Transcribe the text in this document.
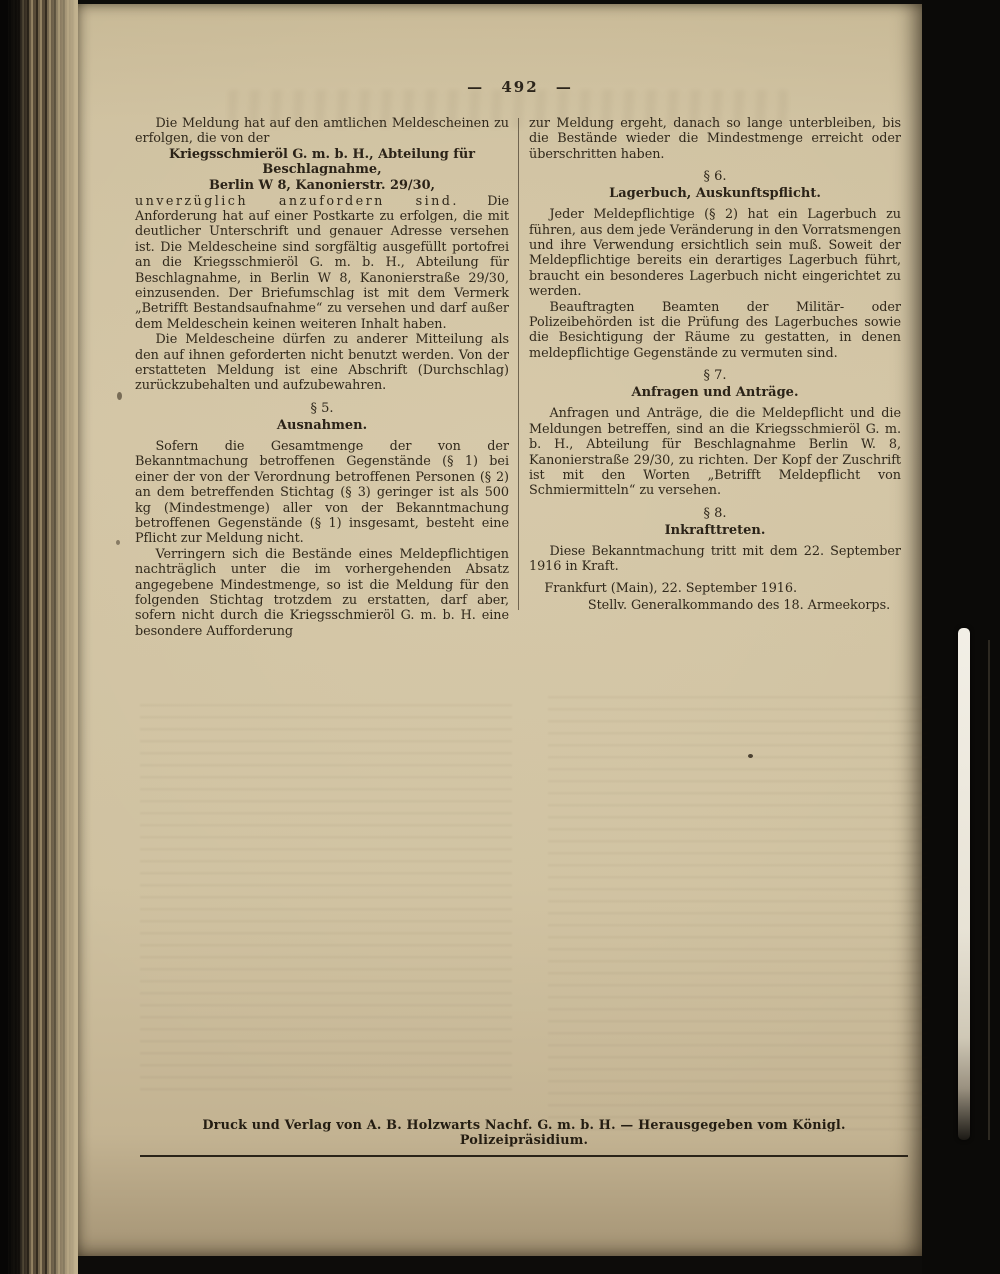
— 492 —

Die Meldung hat auf den amtlichen Meldescheinen zu erfolgen, die von der

Kriegsschmieröl G. m. b. H., Abteilung für Beschlagnahme,
Berlin W 8, Kanonierstr. 29/30,

unverzüglich anzufordern sind. Die Anforderung hat auf einer Postkarte zu erfolgen, die mit deutlicher Unterschrift und genauer Adresse versehen ist. Die Meldescheine sind sorgfältig ausgefüllt portofrei an die Kriegsschmieröl G. m. b. H., Abteilung für Beschlagnahme, in Berlin W 8, Kanonierstraße 29/30, einzusenden. Der Briefumschlag ist mit dem Vermerk „Betrifft Bestandsaufnahme“ zu versehen und darf außer dem Meldeschein keinen weiteren Inhalt haben.

Die Meldescheine dürfen zu anderer Mitteilung als den auf ihnen geforderten nicht benutzt werden. Von der erstatteten Meldung ist eine Abschrift (Durchschlag) zurückzubehalten und aufzubewahren.

§ 5.
Ausnahmen.

Sofern die Gesamtmenge der von der Bekanntmachung betroffenen Gegenstände (§ 1) bei einer der von der Verordnung betroffenen Personen (§ 2) an dem betreffenden Stichtag (§ 3) geringer ist als 500 kg (Mindestmenge) aller von der Bekanntmachung betroffenen Gegenstände (§ 1) insgesamt, besteht eine Pflicht zur Meldung nicht.

Verringern sich die Bestände eines Meldepflichtigen nachträglich unter die im vorhergehenden Absatz angegebene Mindestmenge, so ist die Meldung für den folgenden Stichtag trotzdem zu erstatten, darf aber, sofern nicht durch die Kriegsschmieröl G. m. b. H. eine besondere Aufforderung

zur Meldung ergeht, danach so lange unterbleiben, bis die Bestände wieder die Mindestmenge erreicht oder überschritten haben.

§ 6.
Lagerbuch, Auskunftspflicht.

Jeder Meldepflichtige (§ 2) hat ein Lagerbuch zu führen, aus dem jede Veränderung in den Vorratsmengen und ihre Verwendung ersichtlich sein muß. Soweit der Meldepflichtige bereits ein derartiges Lagerbuch führt, braucht ein besonderes Lagerbuch nicht eingerichtet zu werden.

Beauftragten Beamten der Militär- oder Polizeibehörden ist die Prüfung des Lagerbuches sowie die Besichtigung der Räume zu gestatten, in denen meldepflichtige Gegenstände zu vermuten sind.

§ 7.
Anfragen und Anträge.

Anfragen und Anträge, die die Meldepflicht und die Meldungen betreffen, sind an die Kriegsschmieröl G. m. b. H., Abteilung für Beschlagnahme Berlin W. 8, Kanonierstraße 29/30, zu richten. Der Kopf der Zuschrift ist mit den Worten „Betrifft Meldepflicht von Schmiermitteln“ zu versehen.

§ 8.
Inkrafttreten.

Diese Bekanntmachung tritt mit dem 22. September 1916 in Kraft.

Frankfurt (Main), 22. September 1916.

Stellv. Generalkommando des 18. Armeekorps.

Druck und Verlag von A. B. Holzwarts Nachf. G. m. b. H. — Herausgegeben vom Königl. Polizeipräsidium.
